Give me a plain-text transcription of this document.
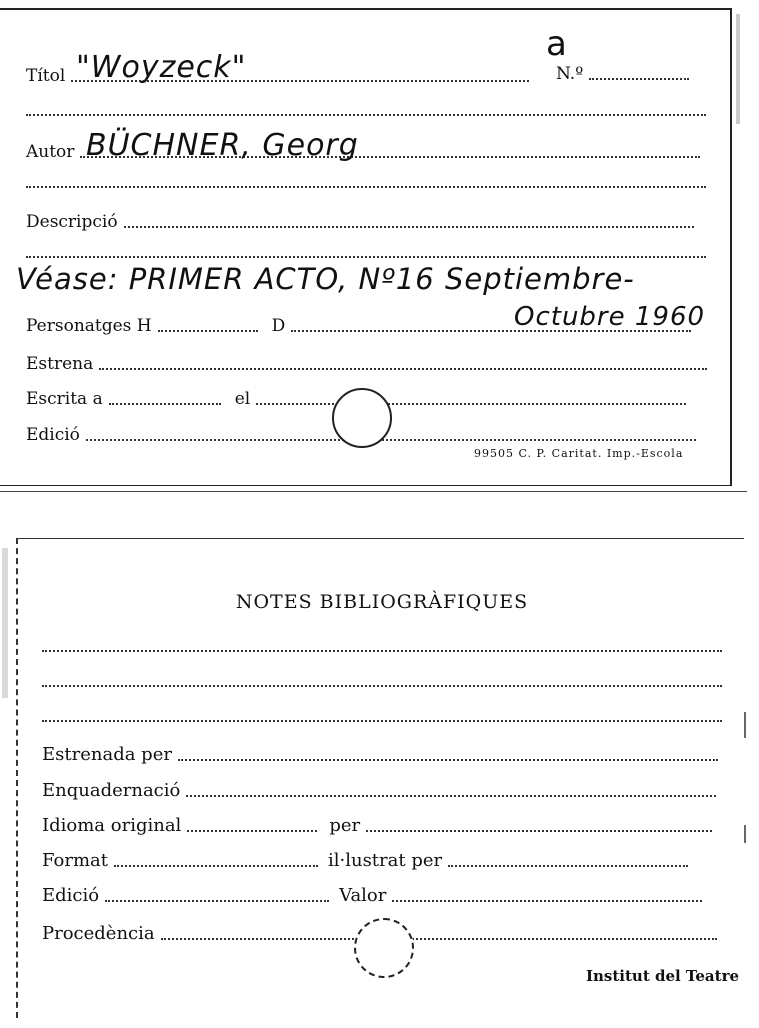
Títol "Woyzeck"	N.º
a
Autor BÜCHNER, Georg
Descripció
Véase: PRIMER ACTO, Nº16 Septiembre-
Octubre 1960
Personatges H	D
Estrena
Escrita a	el
Edició
99505 C. P. Caritat. Imp.-Escola
NOTES BIBLIOGRÀFIQUES
Institut del Teatre
Estrenada per
Enquadernació
Idioma original	per
Format	il·lustrat per
Edició	Valor
Procedència
